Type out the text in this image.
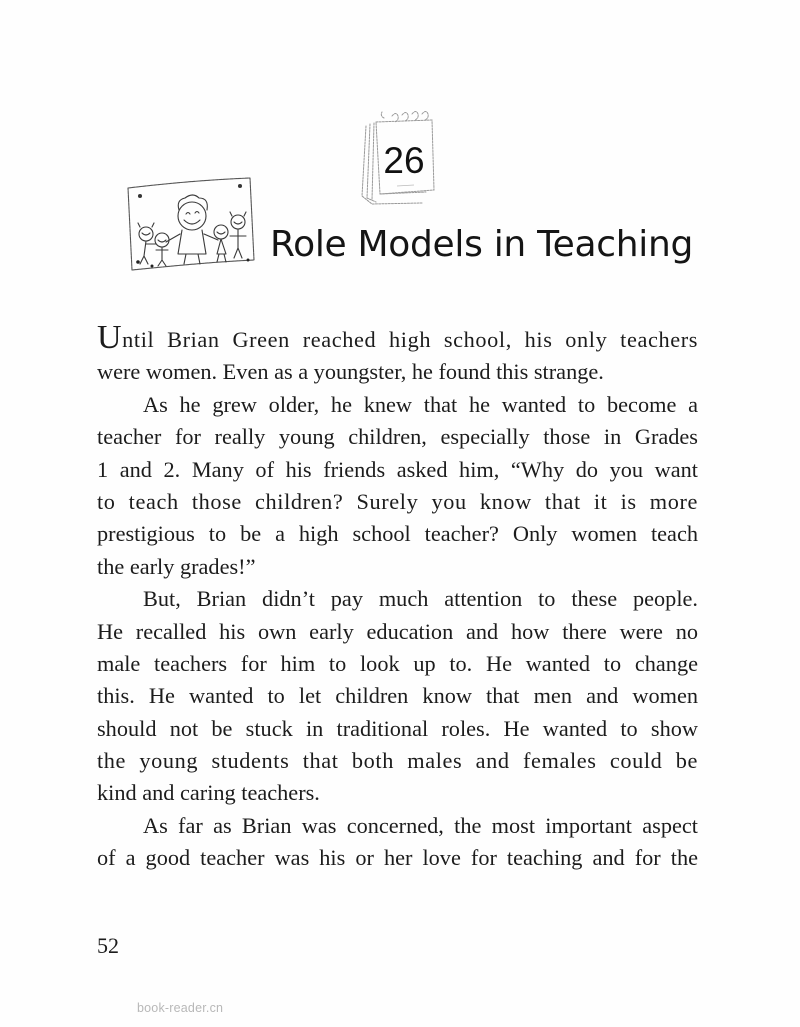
26
Role Models in Teaching
Until Brian Green reached high school, his only teachers
were women. Even as a youngster, he found this strange.
As he grew older, he knew that he wanted to become a
teacher for really young children, especially those in Grades
1 and 2. Many of his friends asked him, “Why do you want
to teach those children? Surely you know that it is more
prestigious to be a high school teacher? Only women teach
the early grades!”
But, Brian didn’t pay much attention to these people.
He recalled his own early education and how there were no
male teachers for him to look up to. He wanted to change
this. He wanted to let children know that men and women
should not be stuck in traditional roles. He wanted to show
the young students that both males and females could be
kind and caring teachers.
As far as Brian was concerned, the most important aspect
of a good teacher was his or her love for teaching and for the
52
book-reader.cn
